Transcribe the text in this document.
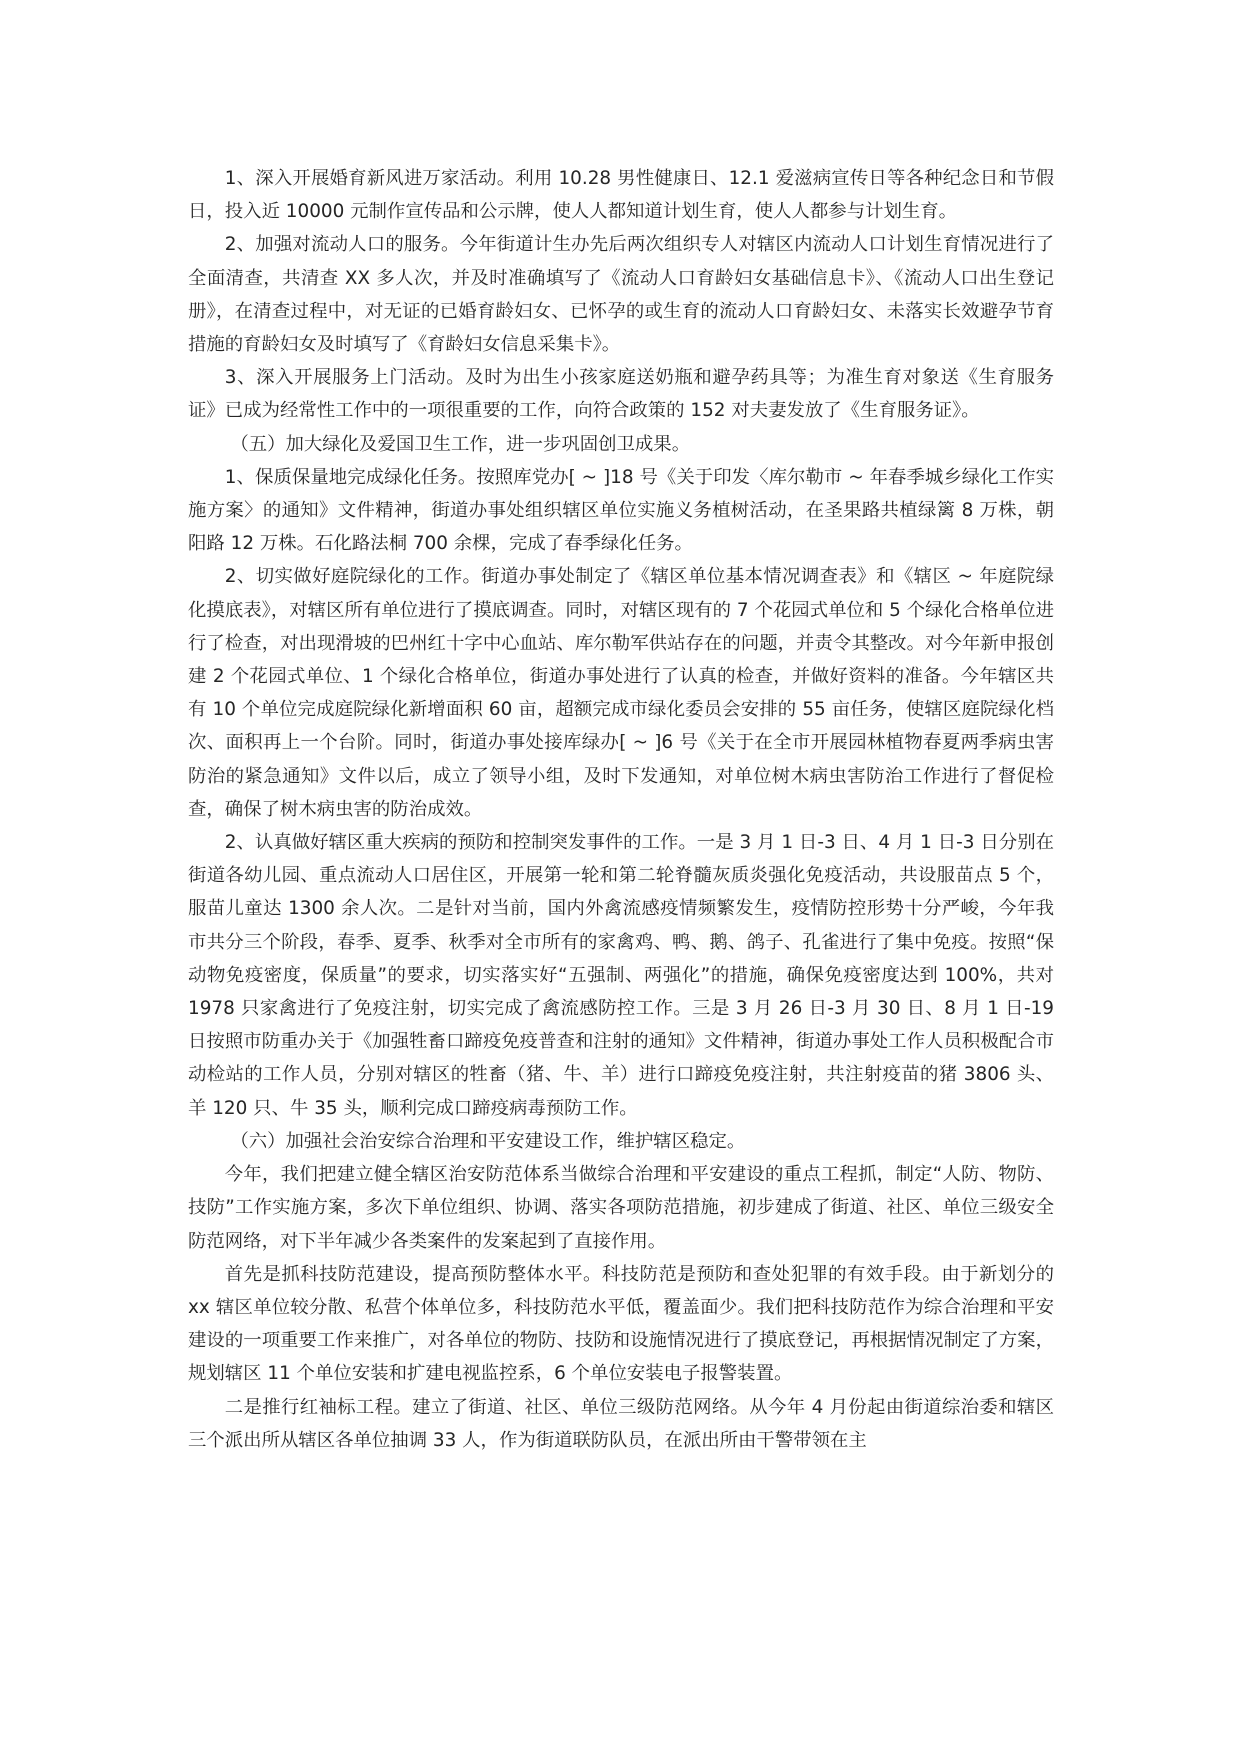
1、深入开展婚育新风进万家活动。利用 10.28 男性健康日、12.1 爱滋病宣传日等各种纪念日和节假日，投入近 10000 元制作宣传品和公示牌，使人人都知道计划生育，使人人都参与计划生育。

2、加强对流动人口的服务。今年街道计生办先后两次组织专人对辖区内流动人口计划生育情况进行了全面清查，共清查 XX 多人次，并及时准确填写了《流动人口育龄妇女基础信息卡》、《流动人口出生登记册》，在清查过程中，对无证的已婚育龄妇女、已怀孕的或生育的流动人口育龄妇女、未落实长效避孕节育措施的育龄妇女及时填写了《育龄妇女信息采集卡》。

3、深入开展服务上门活动。及时为出生小孩家庭送奶瓶和避孕药具等；为准生育对象送《生育服务证》已成为经常性工作中的一项很重要的工作，向符合政策的 152 对夫妻发放了《生育服务证》。

（五）加大绿化及爱国卫生工作，进一步巩固创卫成果。

1、保质保量地完成绿化任务。按照库党办[ ~ ]18 号《关于印发〈库尔勒市 ~ 年春季城乡绿化工作实施方案〉的通知》文件精神，街道办事处组织辖区单位实施义务植树活动，在圣果路共植绿篱 8 万株，朝阳路 12 万株。石化路法桐 700 余棵，完成了春季绿化任务。

2、切实做好庭院绿化的工作。街道办事处制定了《辖区单位基本情况调查表》和《辖区 ~ 年庭院绿化摸底表》，对辖区所有单位进行了摸底调查。同时，对辖区现有的 7 个花园式单位和 5 个绿化合格单位进行了检查，对出现滑坡的巴州红十字中心血站、库尔勒军供站存在的问题，并责令其整改。对今年新申报创建 2 个花园式单位、1 个绿化合格单位，街道办事处进行了认真的检查，并做好资料的准备。今年辖区共有 10 个单位完成庭院绿化新增面积 60 亩，超额完成市绿化委员会安排的 55 亩任务，使辖区庭院绿化档次、面积再上一个台阶。同时，街道办事处接库绿办[ ~ ]6 号《关于在全市开展园林植物春夏两季病虫害防治的紧急通知》文件以后，成立了领导小组，及时下发通知，对单位树木病虫害防治工作进行了督促检查，确保了树木病虫害的防治成效。

2、认真做好辖区重大疾病的预防和控制突发事件的工作。一是 3 月 1 日-3 日、4 月 1 日-3 日分别在街道各幼儿园、重点流动人口居住区，开展第一轮和第二轮脊髓灰质炎强化免疫活动，共设服苗点 5 个，服苗儿童达 1300 余人次。二是针对当前，国内外禽流感疫情频繁发生，疫情防控形势十分严峻，今年我市共分三个阶段，春季、夏季、秋季对全市所有的家禽鸡、鸭、鹅、鸽子、孔雀进行了集中免疫。按照“保动物免疫密度，保质量”的要求，切实落实好“五强制、两强化”的措施，确保免疫密度达到 100%，共对 1978 只家禽进行了免疫注射，切实完成了禽流感防控工作。三是 3 月 26 日-3 月 30 日、8 月 1 日-19 日按照市防重办关于《加强牲畜口蹄疫免疫普查和注射的通知》文件精神，街道办事处工作人员积极配合市动检站的工作人员，分别对辖区的牲畜（猪、牛、羊）进行口蹄疫免疫注射，共注射疫苗的猪 3806 头、羊 120 只、牛 35 头，顺利完成口蹄疫病毒预防工作。

（六）加强社会治安综合治理和平安建设工作，维护辖区稳定。

今年，我们把建立健全辖区治安防范体系当做综合治理和平安建设的重点工程抓，制定“人防、物防、技防”工作实施方案，多次下单位组织、协调、落实各项防范措施，初步建成了街道、社区、单位三级安全防范网络，对下半年减少各类案件的发案起到了直接作用。

首先是抓科技防范建设，提高预防整体水平。科技防范是预防和查处犯罪的有效手段。由于新划分的 xx 辖区单位较分散、私营个体单位多，科技防范水平低，覆盖面少。我们把科技防范作为综合治理和平安建设的一项重要工作来推广，对各单位的物防、技防和设施情况进行了摸底登记，再根据情况制定了方案，规划辖区 11 个单位安装和扩建电视监控系，6 个单位安装电子报警装置。

二是推行红袖标工程。建立了街道、社区、单位三级防范网络。从今年 4 月份起由街道综治委和辖区三个派出所从辖区各单位抽调 33 人，作为街道联防队员，在派出所由干警带领在主
